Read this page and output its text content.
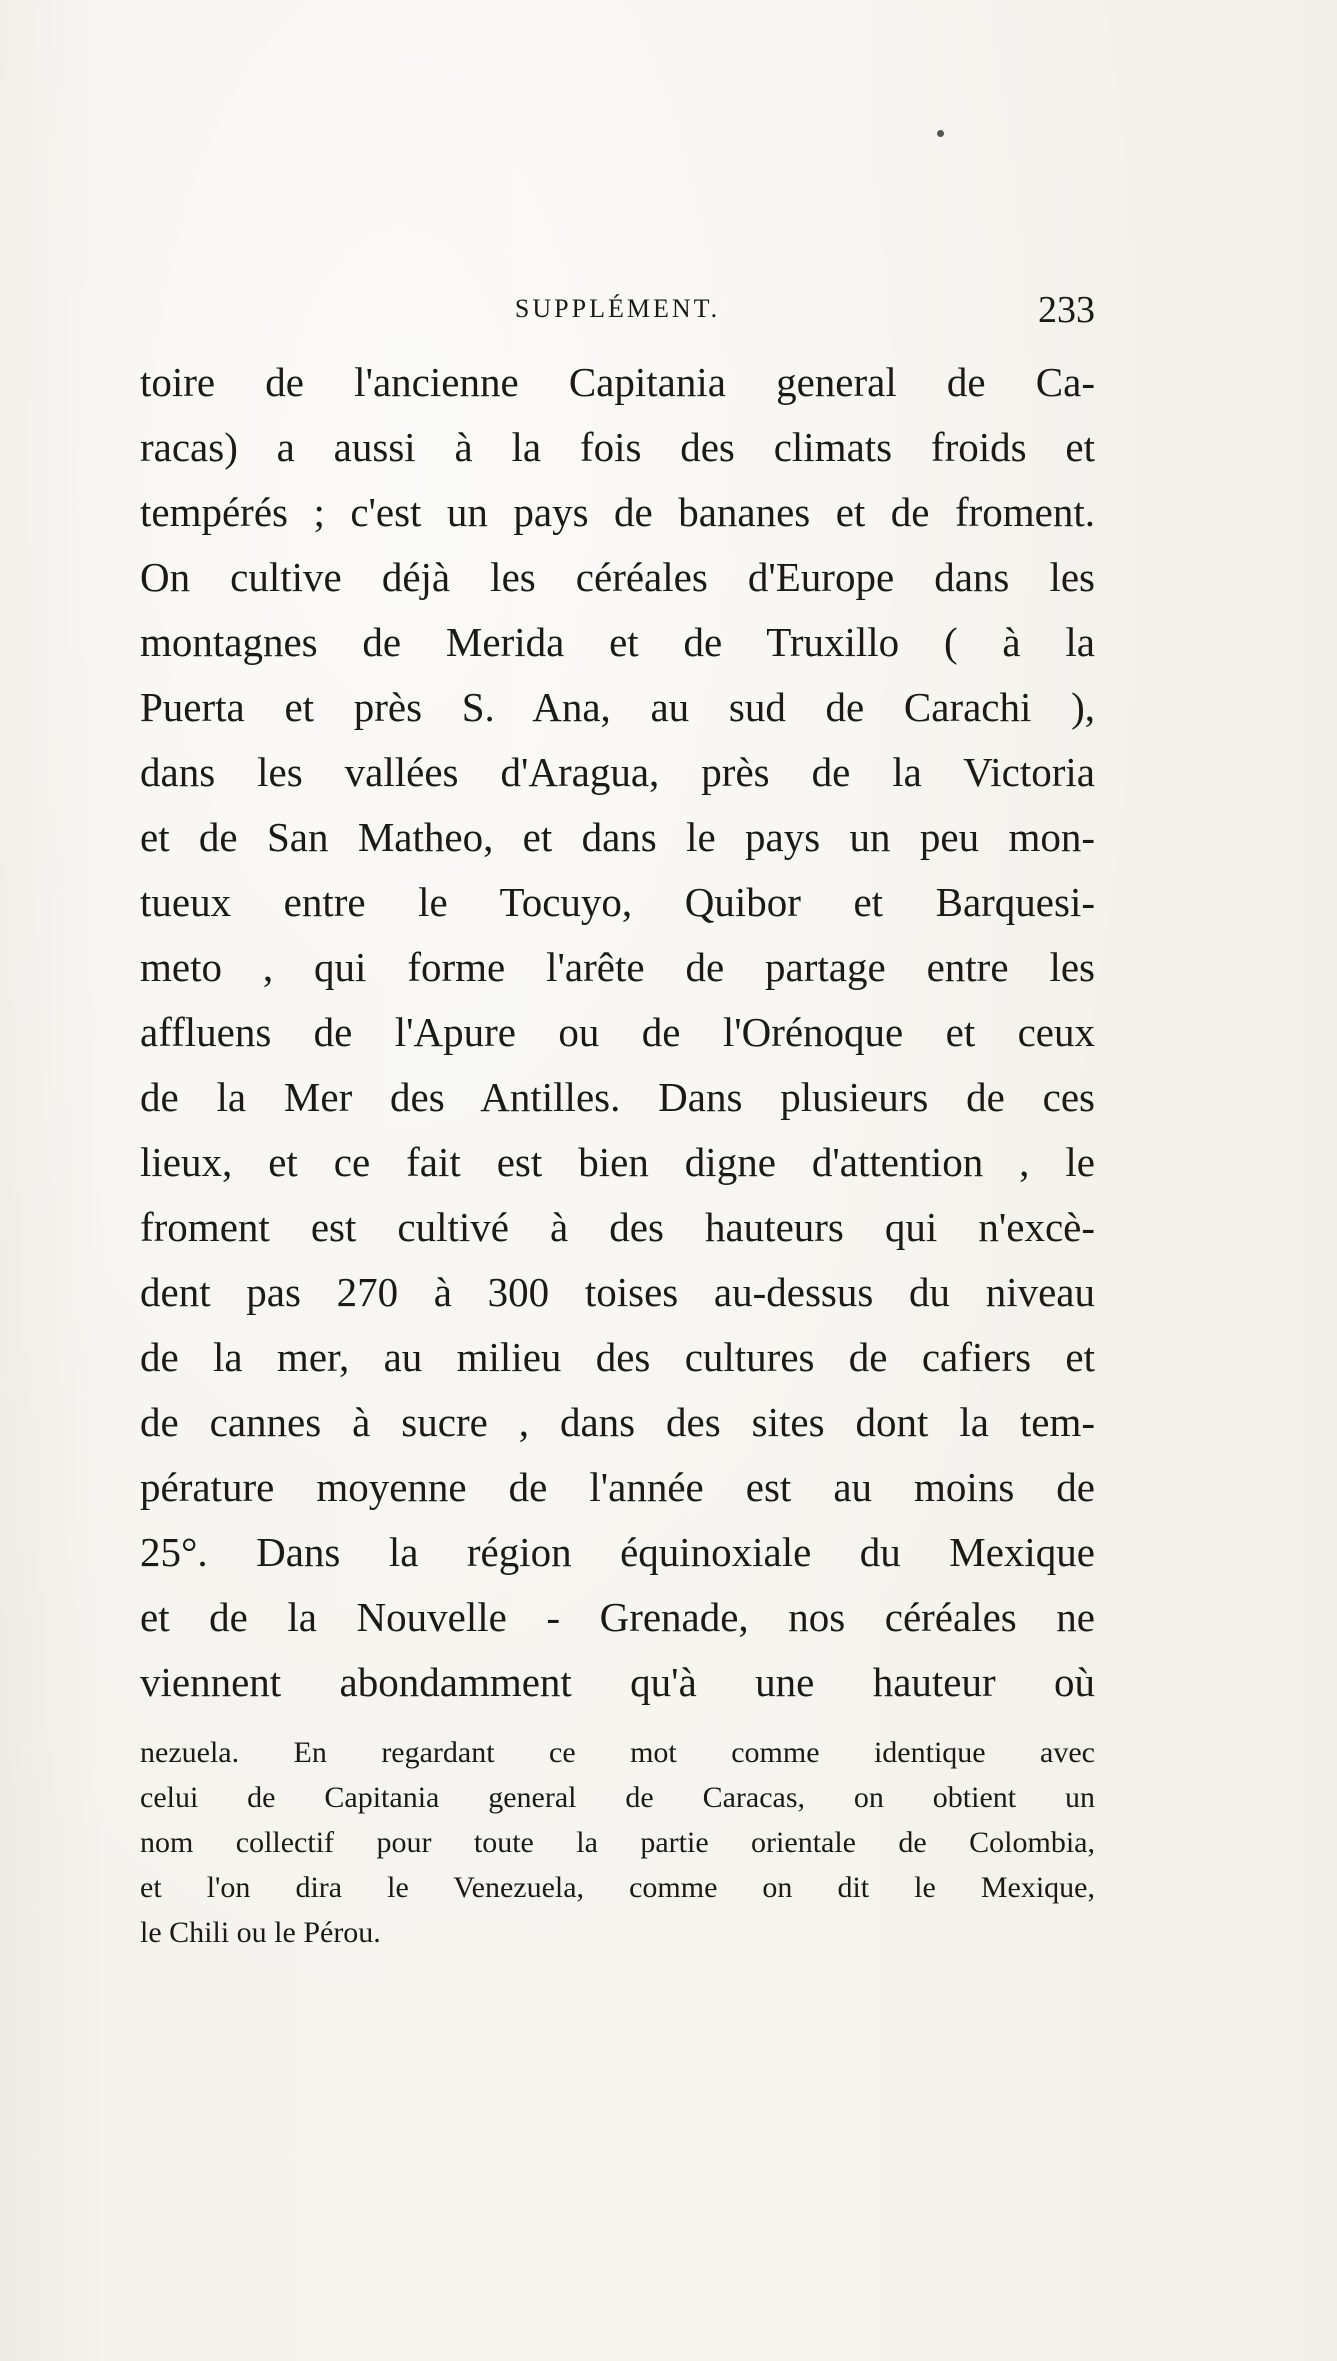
SUPPLÉMENT.	233
toire de l'ancienne Capitania general de Ca-
racas) a aussi à la fois des climats froids et
tempérés ; c'est un pays de bananes et de froment.
On cultive déjà les céréales d'Europe dans les
montagnes de Merida et de Truxillo ( à la
Puerta et près S. Ana, au sud de Carachi ),
dans les vallées d'Aragua, près de la Victoria
et de San Matheo, et dans le pays un peu mon-
tueux entre le Tocuyo, Quibor et Barquesi-
meto , qui forme l'arête de partage entre les
affluens de l'Apure ou de l'Orénoque et ceux
de la Mer des Antilles. Dans plusieurs de ces
lieux, et ce fait est bien digne d'attention , le
froment est cultivé à des hauteurs qui n'excè-
dent pas 270 à 300 toises au-dessus du niveau
de la mer, au milieu des cultures de cafiers et
de cannes à sucre , dans des sites dont la tem-
pérature moyenne de l'année est au moins de
25°. Dans la région équinoxiale du Mexique
et de la Nouvelle - Grenade, nos céréales ne
viennent abondamment qu'à une hauteur où
nezuela. En regardant ce mot comme identique avec
celui de Capitania general de Caracas, on obtient un
nom collectif pour toute la partie orientale de Colombia,
et l'on dira le Venezuela, comme on dit le Mexique,
le Chili ou le Pérou.
